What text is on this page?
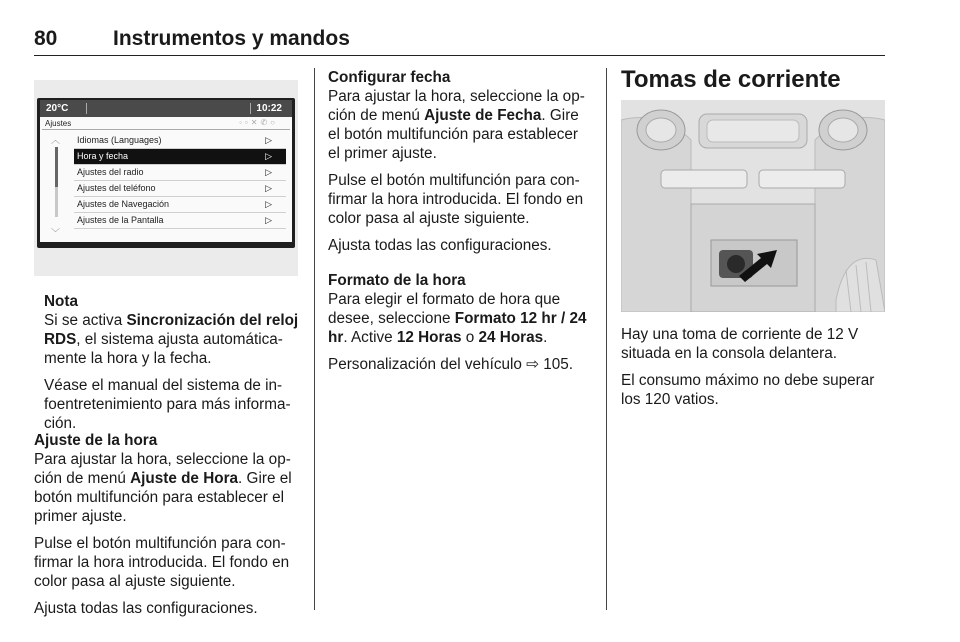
80	Instrumentos y mandos
20°C	10:22
Ajustes	◦▫✕✆○
︿
﹀
Idiomas (Languages)	▷
Hora y fecha	▷
Ajustes del radio	▷
Ajustes del teléfono	▷
Ajustes de Navegación	▷
Ajustes de la Pantalla	▷

Nota

Si se activa Sincronización del reloj RDS, el sistema ajusta automática-mente la hora y la fecha.

Véase el manual del sistema de in-foentretenimiento para más informa-ción.

Ajuste de la hora

Para ajustar la hora, seleccione la op-ción de menú Ajuste de Hora. Gire el botón multifunción para establecer el primer ajuste.

Pulse el botón multifunción para con-firmar la hora introducida. El fondo en color pasa al ajuste siguiente.

Ajusta todas las configuraciones.

Configurar fecha

Para ajustar la hora, seleccione la op-ción de menú Ajuste de Fecha. Gire el botón multifunción para establecer el primer ajuste.

Pulse el botón multifunción para con-firmar la hora introducida. El fondo en color pasa al ajuste siguiente.

Ajusta todas las configuraciones.

Formato de la hora

Para elegir el formato de hora que desee, seleccione Formato 12 hr / 24 hr. Active 12 Horas o 24 Horas.

Personalización del vehículo ⇨ 105.

Tomas de corriente

Hay una toma de corriente de 12 V situada en la consola delantera.

El consumo máximo no debe superar los 120 vatios.
